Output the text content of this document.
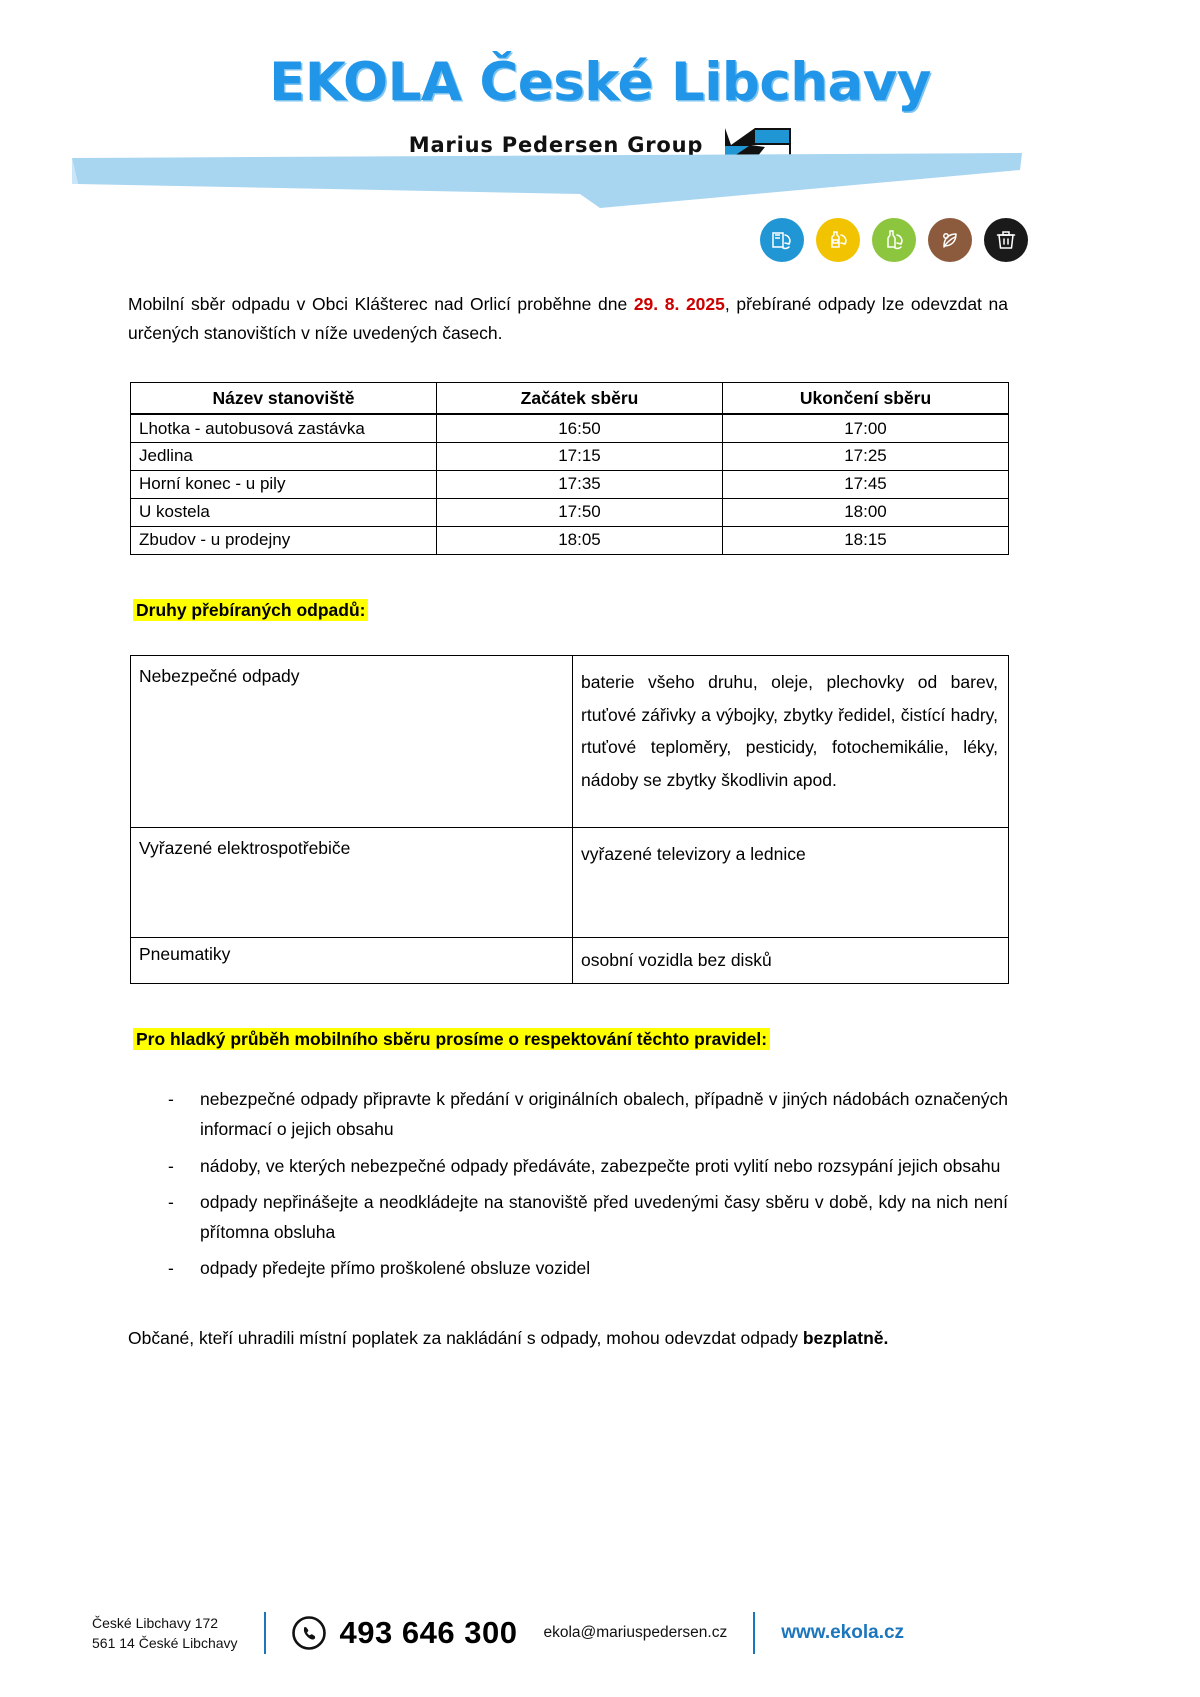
EKOLA České Libchavy
Marius Pedersen Group

Mobilní sběr odpadu v Obci Klášterec nad Orlicí proběhne dne 29. 8. 2025, přebírané odpady lze odevzdat na určených stanovištích v níže uvedených časech.

Název stanoviště	Začátek sběru	Ukončení sběru
Lhotka - autobusová zastávka	16:50	17:00
Jedlina	17:15	17:25
Horní konec - u pily	17:35	17:45
U kostela	17:50	18:00
Zbudov - u prodejny	18:05	18:15
Druhy přebíraných odpadů:
Nebezpečné odpady	baterie všeho druhu, oleje, plechovky od barev, rtuťové zářivky a výbojky, zbytky ředidel, čistící hadry, rtuťové teploměry, pesticidy, fotochemikálie, léky, nádoby se zbytky škodlivin apod.
Vyřazené elektrospotřebiče	vyřazené televizory a lednice
Pneumatiky	osobní vozidla bez disků
Pro hladký průběh mobilního sběru prosíme o respektování těchto pravidel:
- nebezpečné odpady připravte k předání v originálních obalech, případně v jiných nádobách označených informací o jejich obsahu
- nádoby, ve kterých nebezpečné odpady předáváte, zabezpečte proti vylití nebo rozsypání jejich obsahu
- odpady nepřinášejte a neodkládejte na stanoviště před uvedenými časy sběru v době, kdy na nich není přítomna obsluha
- odpady předejte přímo proškolené obsluze vozidel

Občané, kteří uhradili místní poplatek za nakládání s odpady, mohou odevzdat odpady bezplatně.

České Libchavy 172
561 14 České Libchavy	493 646 300 ekola@mariuspedersen.cz	www.ekola.cz
